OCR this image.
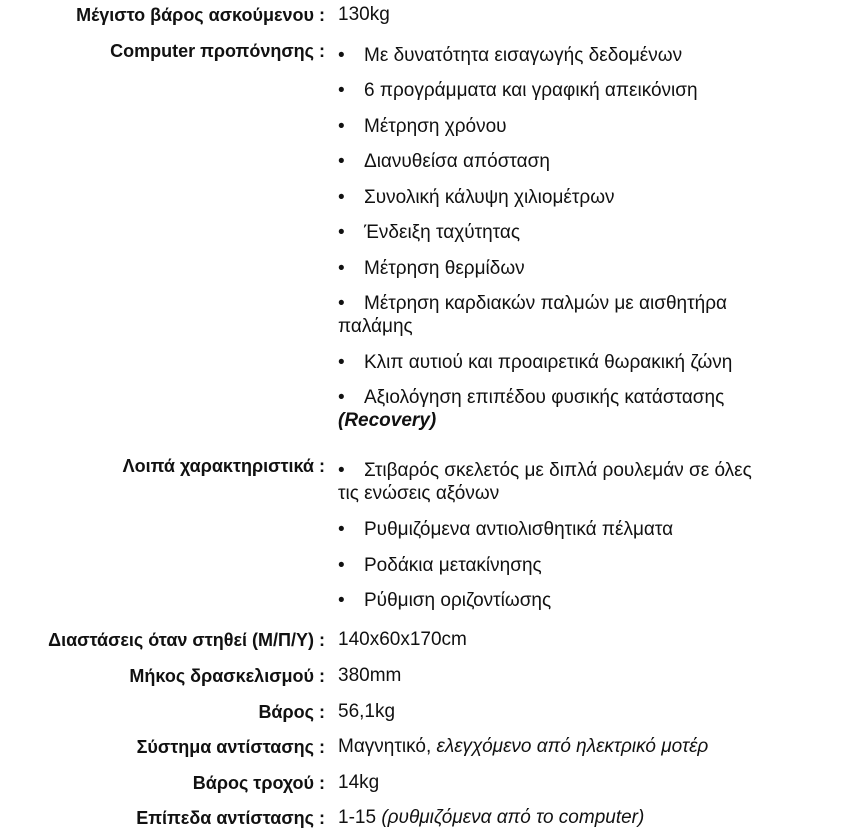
Μέγιστο βάρος ασκούμενου : 130kg
Computer προπόνησης : • Με δυνατότητα εισαγωγής δεδομένων
• 6 προγράμματα και γραφική απεικόνιση
• Μέτρηση χρόνου
• Διανυθείσα απόσταση
• Συνολική κάλυψη χιλιομέτρων
• Ένδειξη ταχύτητας
• Μέτρηση θερμίδων
• Μέτρηση καρδιακών παλμών με αισθητήρα
παλάμης
• Κλιπ αυτιού και προαιρετικά θωρακική ζώνη
• Αξιολόγηση επιπέδου φυσικής κατάστασης
(Recovery)
Λοιπά χαρακτηριστικά : • Στιβαρός σκελετός με διπλά ρουλεμάν σε όλες
τις ενώσεις αξόνων
• Ρυθμιζόμενα αντιολισθητικά πέλματα
• Ροδάκια μετακίνησης
• Ρύθμιση οριζοντίωσης
Διαστάσεις όταν στηθεί (Μ/Π/Υ) : 140x60x170cm
Μήκος δρασκελισμού : 380mm
Βάρος : 56,1kg
Σύστημα αντίστασης : Μαγνητικό, ελεγχόμενο από ηλεκτρικό μοτέρ
Βάρος τροχού : 14kg
Επίπεδα αντίστασης : 1-15 (ρυθμιζόμενα από το computer)
